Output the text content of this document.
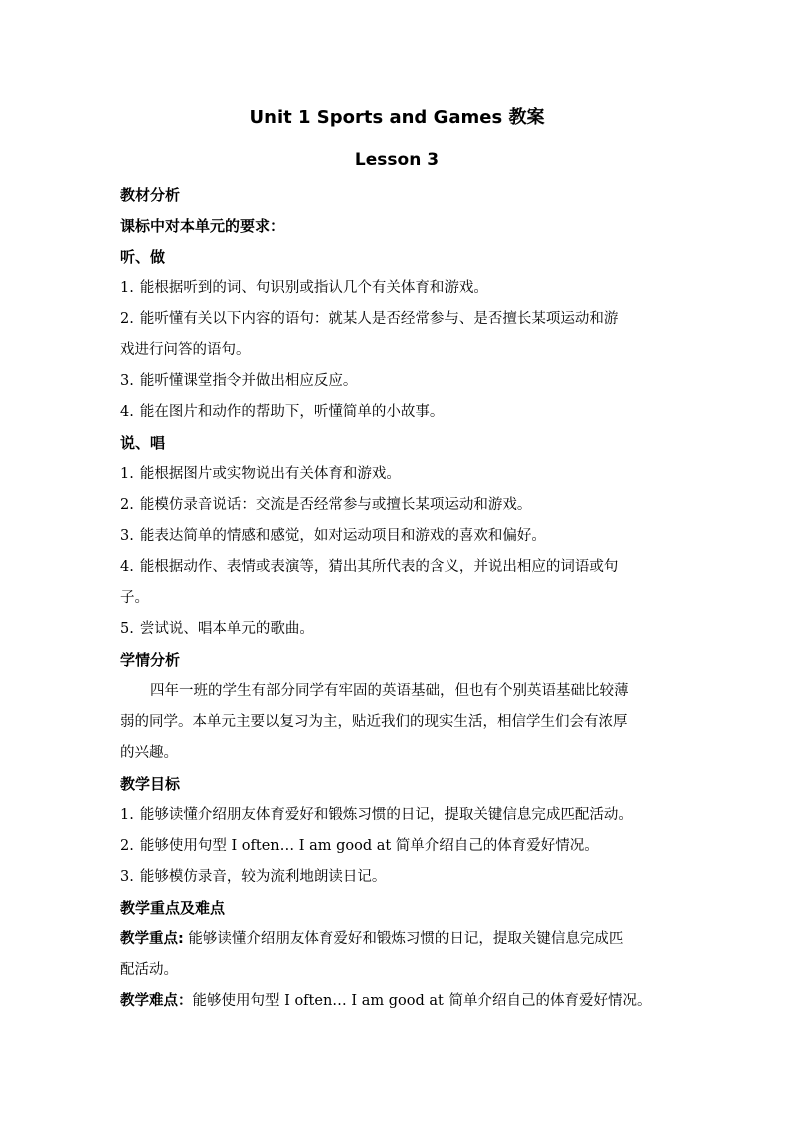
Unit 1 Sports and Games 教案
Lesson 3
教材分析
课标中对本单元的要求：
听、做
1. 能根据听到的词、句识别或指认几个有关体育和游戏。
2. 能听懂有关以下内容的语句：就某人是否经常参与、是否擅长某项运动和游
戏进行问答的语句。
3. 能听懂课堂指令并做出相应反应。
4. 能在图片和动作的帮助下，听懂简单的小故事。
说、唱
1. 能根据图片或实物说出有关体育和游戏。
2. 能模仿录音说话：交流是否经常参与或擅长某项运动和游戏。
3. 能表达简单的情感和感觉，如对运动项目和游戏的喜欢和偏好。
4. 能根据动作、表情或表演等，猜出其所代表的含义，并说出相应的词语或句
子。
5. 尝试说、唱本单元的歌曲。
学情分析
四年一班的学生有部分同学有牢固的英语基础，但也有个别英语基础比较薄
弱的同学。本单元主要以复习为主，贴近我们的现实生活，相信学生们会有浓厚
的兴趣。
教学目标
1. 能够读懂介绍朋友体育爱好和锻炼习惯的日记，提取关键信息完成匹配活动。
2. 能够使用句型 I often… I am good at 简单介绍自己的体育爱好情况。
3. 能够模仿录音，较为流利地朗读日记。
教学重点及难点
教学重点: 能够读懂介绍朋友体育爱好和锻炼习惯的日记，提取关键信息完成匹
配活动。
教学难点：能够使用句型 I often… I am good at 简单介绍自己的体育爱好情况。
